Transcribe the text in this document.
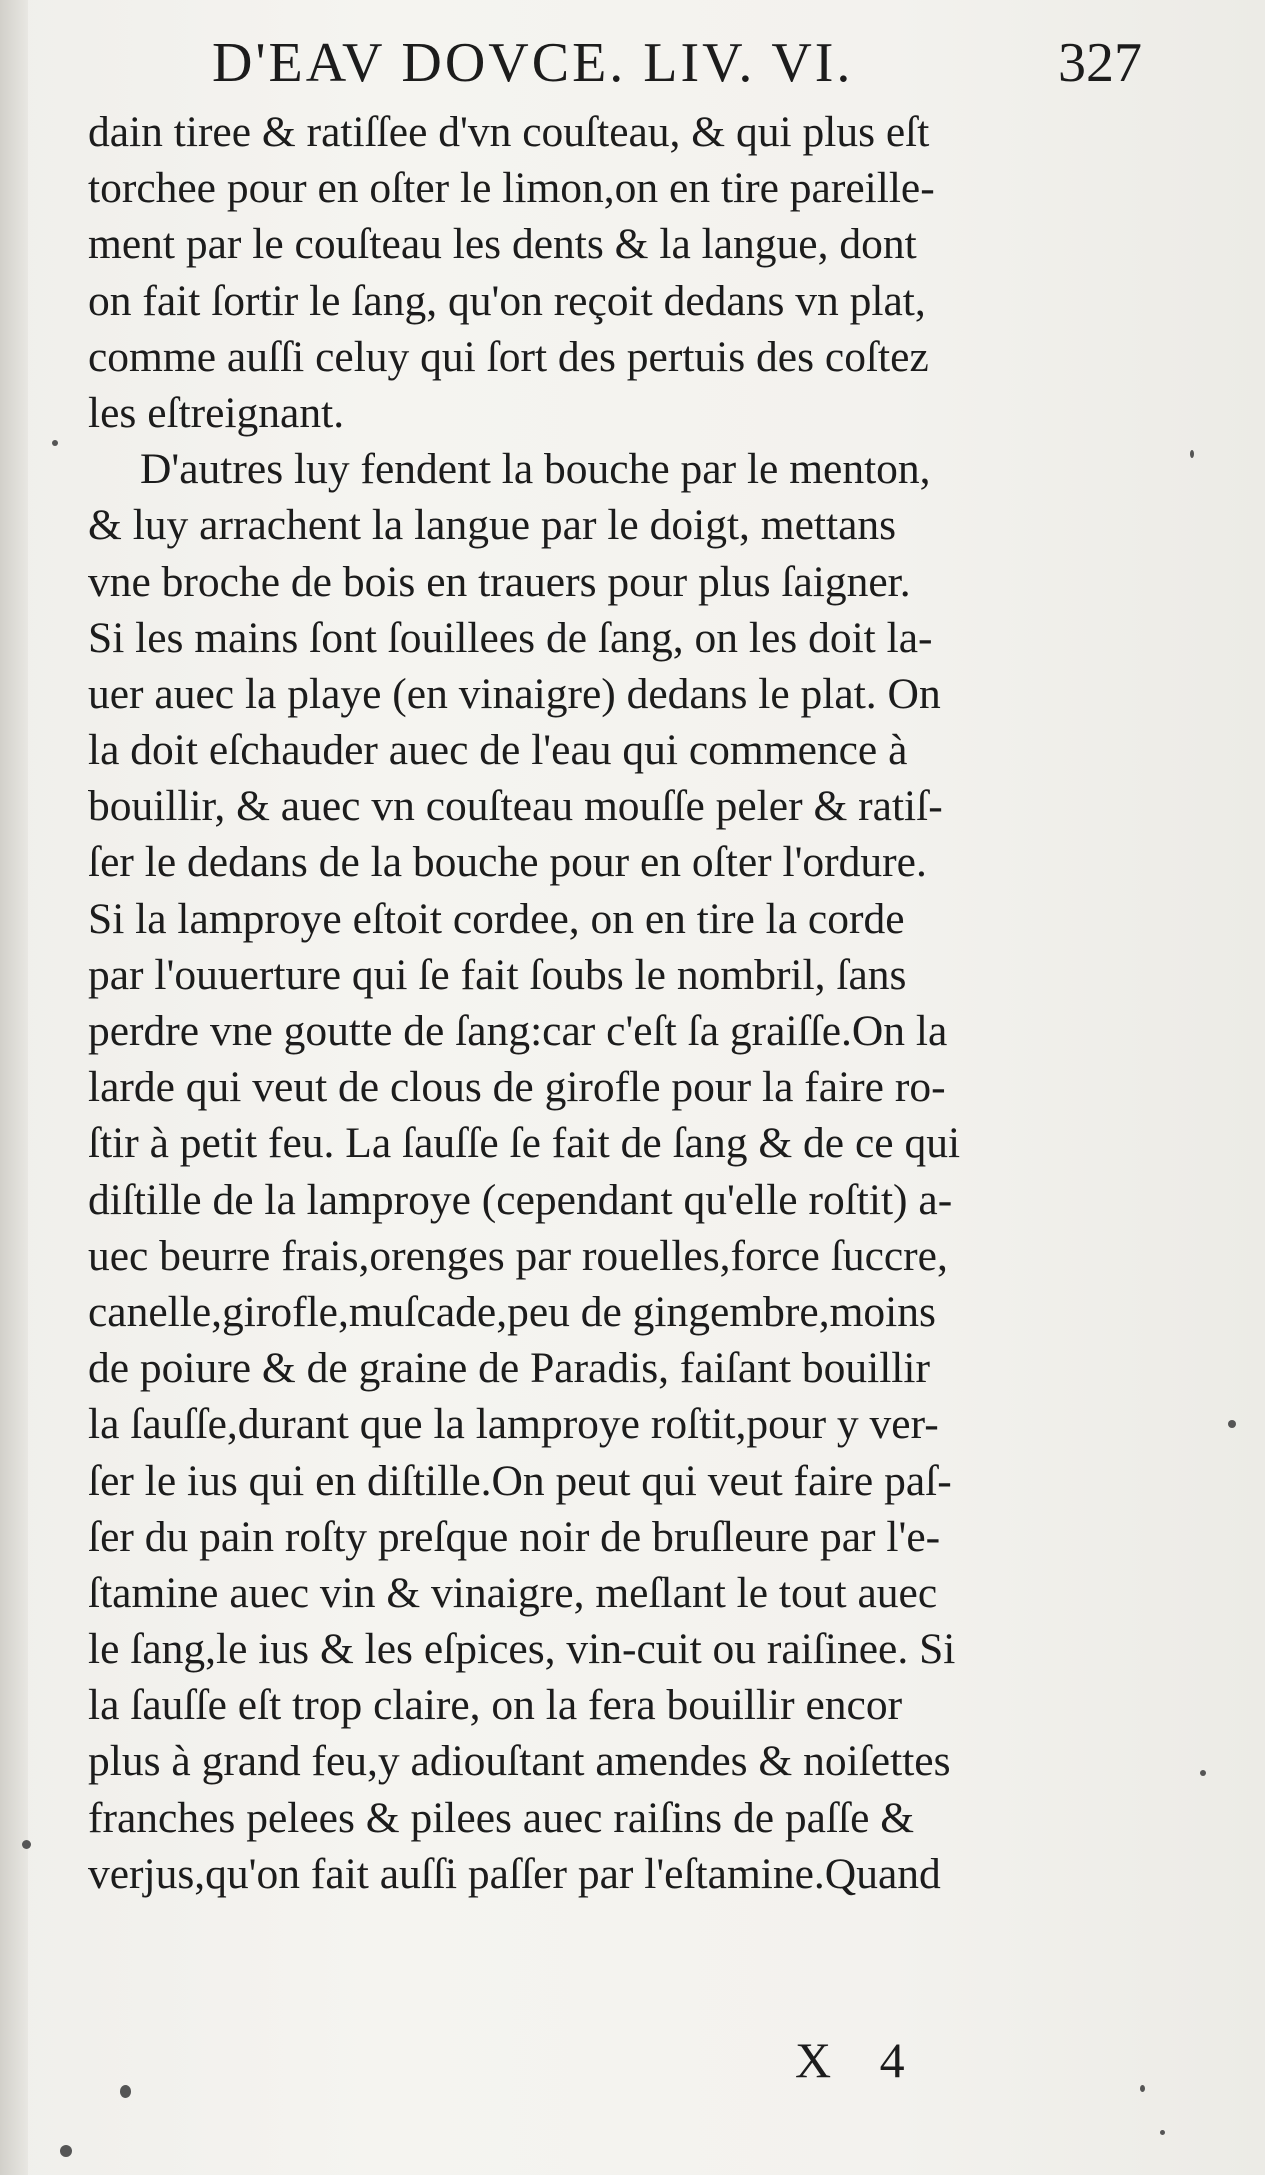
D'EAV DOVCE. LIV. VI.	327
dain tiree & ratiſſee d'vn couſteau, & qui plus eſt
torchee pour en oſter le limon,on en tire pareille-
ment par le couſteau les dents & la langue, dont
on fait ſortir le ſang, qu'on reçoit dedans vn plat,
comme auſſi celuy qui ſort des pertuis des coſtez
les eſtreignant.
D'autres luy fendent la bouche par le menton,
& luy arrachent la langue par le doigt, mettans
vne broche de bois en trauers pour plus ſaigner.
Si les mains ſont ſouillees de ſang, on les doit la-
uer auec la playe (en vinaigre) dedans le plat. On
la doit eſchauder auec de l'eau qui commence à
bouillir, & auec vn couſteau mouſſe peler & ratiſ-
ſer le dedans de la bouche pour en oſter l'ordure.
Si la lamproye eſtoit cordee, on en tire la corde
par l'ouuerture qui ſe fait ſoubs le nombril, ſans
perdre vne goutte de ſang:car c'eſt ſa graiſſe.On la
larde qui veut de clous de girofle pour la faire ro-
ſtir à petit feu. La ſauſſe ſe fait de ſang & de ce qui
diſtille de la lamproye (cependant qu'elle roſtit) a-
uec beurre frais,orenges par rouelles,force ſuccre,
canelle,girofle,muſcade,peu de gingembre,moins
de poiure & de graine de Paradis, faiſant bouillir
la ſauſſe,durant que la lamproye roſtit,pour y ver-
ſer le ius qui en diſtille.On peut qui veut faire paſ-
ſer du pain roſty preſque noir de bruſleure par l'e-
ſtamine auec vin & vinaigre, meſlant le tout auec
le ſang,le ius & les eſpices, vin-cuit ou raiſinee. Si
la ſauſſe eſt trop claire, on la fera bouillir encor
plus à grand feu,y adiouſtant amendes & noiſettes
franches pelees & pilees auec raiſins de paſſe &
verjus,qu'on fait auſſi paſſer par l'eſtamine.Quand
X 4
